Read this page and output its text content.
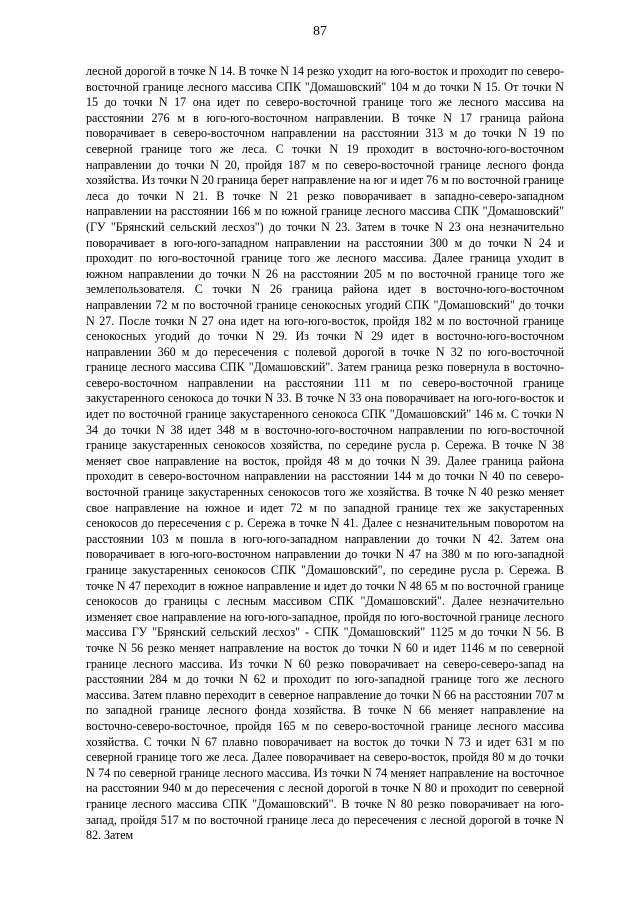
87

лесной дорогой в точке N 14. В точке N 14 резко уходит на юго-восток и проходит по северо-восточной границе лесного массива СПК "Домашовский" 104 м до точки N 15. От точки N 15 до точки N 17 она идет по северо-восточной границе того же лесного массива на расстоянии 276 м в юго-юго-восточном направлении. В точке N 17 граница района поворачивает в северо-восточном направлении на расстоянии 313 м до точки N 19 по северной границе того же леса. С точки N 19 проходит в восточно-юго-восточном направлении до точки N 20, пройдя 187 м по северо-восточной границе лесного фонда хозяйства. Из точки N 20 граница берет направление на юг и идет 76 м по восточной границе леса до точки N 21. В точке N 21 резко поворачивает в западно-северо-западном направлении на расстоянии 166 м по южной границе лесного массива СПК "Домашовский" (ГУ "Брянский сельский лесхоз") до точки N 23. Затем в точке N 23 она незначительно поворачивает в юго-юго-западном направлении на расстоянии 300 м до точки N 24 и проходит по юго-восточной границе того же лесного массива. Далее граница уходит в южном направлении до точки N 26 на расстоянии 205 м по восточной границе того же землепользователя. С точки N 26 граница района идет в восточно-юго-восточном направлении 72 м по восточной границе сенокосных угодий СПК "Домашовский" до точки N 27. После точки N 27 она идет на юго-юго-восток, пройдя 182 м по восточной границе сенокосных угодий до точки N 29. Из точки N 29 идет в восточно-юго-восточном направлении 360 м до пересечения с полевой дорогой в точке N 32 по юго-восточной границе лесного массива СПК "Домашовский". Затем граница резко повернула в восточно-северо-восточном направлении на расстоянии 111 м по северо-восточной границе закустаренного сенокоса до точки N 33. В точке N 33 она поворачивает на юго-юго-восток и идет по восточной границе закустаренного сенокоса СПК "Домашовский" 146 м. С точки N 34 до точки N 38 идет 348 м в восточно-юго-восточном направлении по юго-восточной границе закустаренных сенокосов хозяйства, по середине русла р. Сережа. В точке N 38 меняет свое направление на восток, пройдя 48 м до точки N 39. Далее граница района проходит в северо-восточном направлении на расстоянии 144 м до точки N 40 по северо-восточной границе закустаренных сенокосов того же хозяйства. В точке N 40 резко меняет свое направление на южное и идет 72 м по западной границе тех же закустаренных сенокосов до пересечения с р. Сережа в точке N 41. Далее с незначительным поворотом на расстоянии 103 м пошла в юго-юго-западном направлении до точки N 42. Затем она поворачивает в юго-юго-восточном направлении до точки N 47 на 380 м по юго-западной границе закустаренных сенокосов СПК "Домашовский", по середине русла р. Сережа. В точке N 47 переходит в южное направление и идет до точки N 48 65 м по восточной границе сенокосов до границы с лесным массивом СПК "Домашовский". Далее незначительно изменяет свое направление на юго-юго-западное, пройдя по юго-восточной границе лесного массива ГУ "Брянский сельский лесхоз" - СПК "Домашовский" 1125 м до точки N 56. В точке N 56 резко меняет направление на восток до точки N 60 и идет 1146 м по северной границе лесного массива. Из точки N 60 резко поворачивает на северо-северо-запад на расстоянии 284 м до точки N 62 и проходит по юго-западной границе того же лесного массива. Затем плавно переходит в северное направление до точки N 66 на расстоянии 707 м по западной границе лесного фонда хозяйства. В точке N 66 меняет направление на восточно-северо-восточное, пройдя 165 м по северо-восточной границе лесного массива хозяйства. С точки N 67 плавно поворачивает на восток до точки N 73 и идет 631 м по северной границе того же леса. Далее поворачивает на северо-восток, пройдя 80 м до точки N 74 по северной границе лесного массива. Из точки N 74 меняет направление на восточное на расстоянии 940 м до пересечения с лесной дорогой в точке N 80 и проходит по северной границе лесного массива СПК "Домашовский". В точке N 80 резко поворачивает на юго-запад, пройдя 517 м по восточной границе леса до пересечения с лесной дорогой в точке N 82. Затем
